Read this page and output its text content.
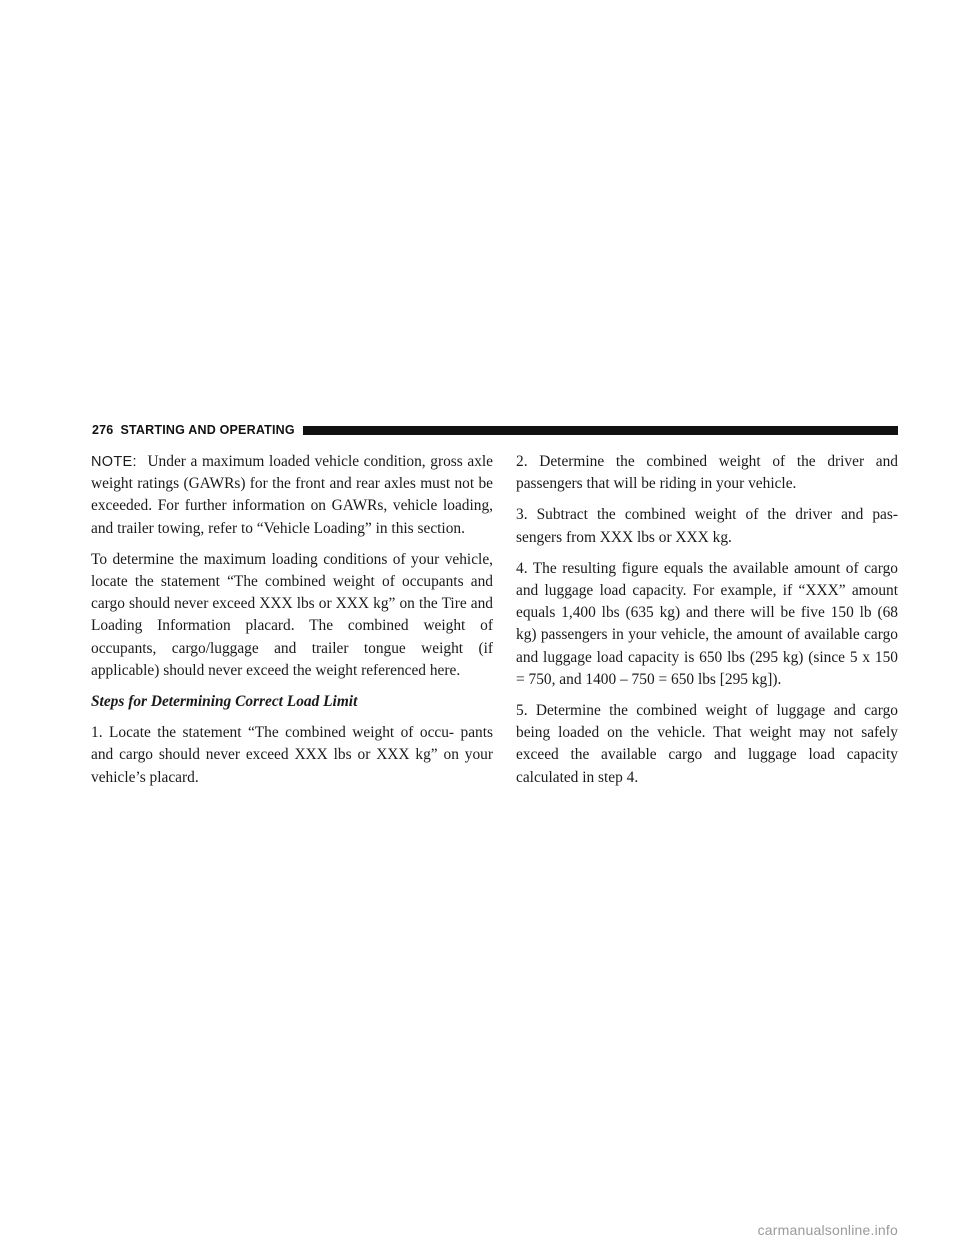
276 STARTING AND OPERATING

NOTE: Under a maximum loaded vehicle condition, gross axle weight ratings (GAWRs) for the front and rear axles must not be exceeded. For further information on GAWRs, vehicle loading, and trailer towing, refer to “Vehicle Loading” in this section.

To determine the maximum loading conditions of your vehicle, locate the statement “The combined weight of occupants and cargo should never exceed XXX lbs or XXX kg” on the Tire and Loading Information placard. The combined weight of occupants, cargo/luggage and trailer tongue weight (if applicable) should never exceed the weight referenced here.

Steps for Determining Correct Load Limit

1. Locate the statement “The combined weight of occu- pants and cargo should never exceed XXX lbs or XXX kg” on your vehicle’s placard.

2. Determine the combined weight of the driver and passengers that will be riding in your vehicle.

3. Subtract the combined weight of the driver and pas- sengers from XXX lbs or XXX kg.

4. The resulting figure equals the available amount of cargo and luggage load capacity. For example, if “XXX” amount equals 1,400 lbs (635 kg) and there will be five 150 lb (68 kg) passengers in your vehicle, the amount of available cargo and luggage load capacity is 650 lbs (295 kg) (since 5 x 150 = 750, and 1400 – 750 = 650 lbs [295 kg]).

5. Determine the combined weight of luggage and cargo being loaded on the vehicle. That weight may not safely exceed the available cargo and luggage load capacity calculated in step 4.

carmanualsonline.info
